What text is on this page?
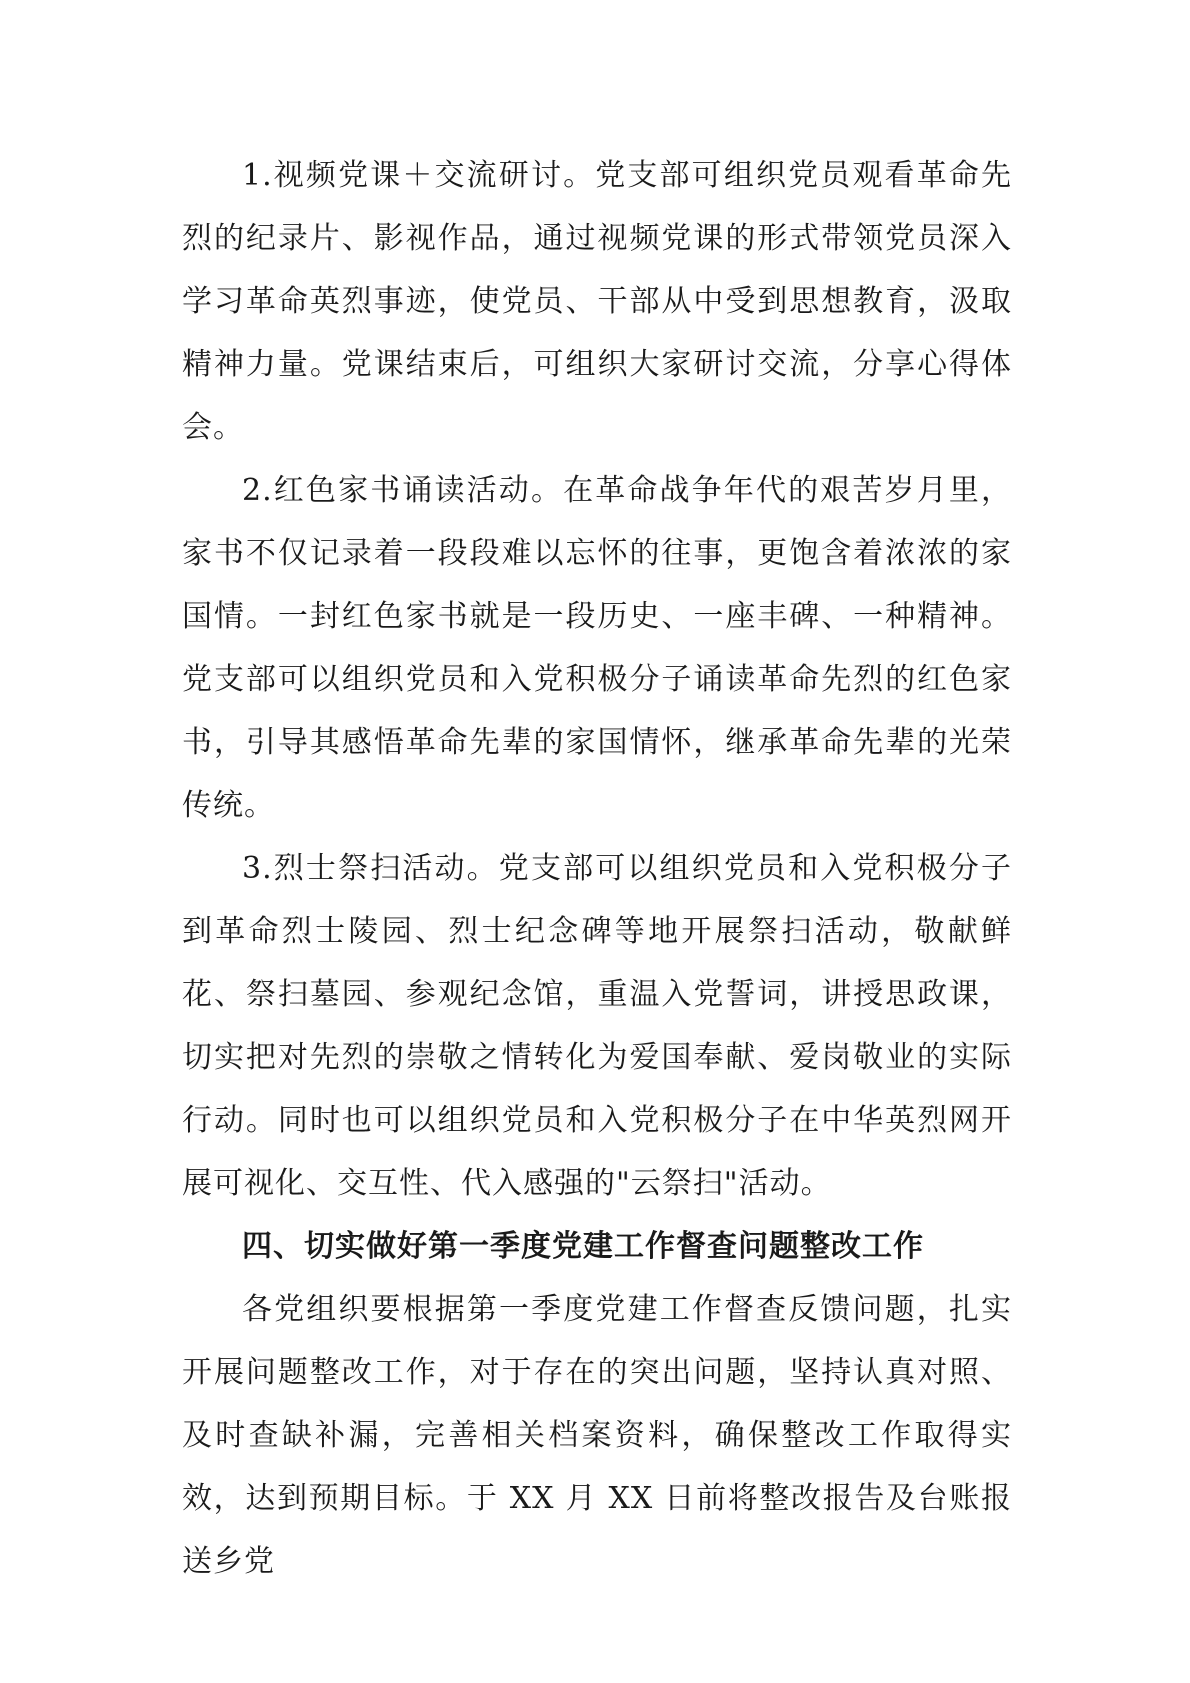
1.视频党课＋交流研讨。党支部可组织党员观看革命先烈的纪录片、影视作品，通过视频党课的形式带领党员深入学习革命英烈事迹，使党员、干部从中受到思想教育，汲取精神力量。党课结束后，可组织大家研讨交流，分享心得体会。

2.红色家书诵读活动。在革命战争年代的艰苦岁月里，家书不仅记录着一段段难以忘怀的往事，更饱含着浓浓的家国情。一封红色家书就是一段历史、一座丰碑、一种精神。党支部可以组织党员和入党积极分子诵读革命先烈的红色家书，引导其感悟革命先辈的家国情怀，继承革命先辈的光荣传统。

3.烈士祭扫活动。党支部可以组织党员和入党积极分子到革命烈士陵园、烈士纪念碑等地开展祭扫活动，敬献鲜花、祭扫墓园、参观纪念馆，重温入党誓词，讲授思政课，切实把对先烈的崇敬之情转化为爱国奉献、爱岗敬业的实际行动。同时也可以组织党员和入党积极分子在中华英烈网开展可视化、交互性、代入感强的"云祭扫"活动。

四、切实做好第一季度党建工作督查问题整改工作

各党组织要根据第一季度党建工作督查反馈问题，扎实开展问题整改工作，对于存在的突出问题，坚持认真对照、及时查缺补漏，完善相关档案资料，确保整改工作取得实效，达到预期目标。于 XX 月 XX 日前将整改报告及台账报送乡党
